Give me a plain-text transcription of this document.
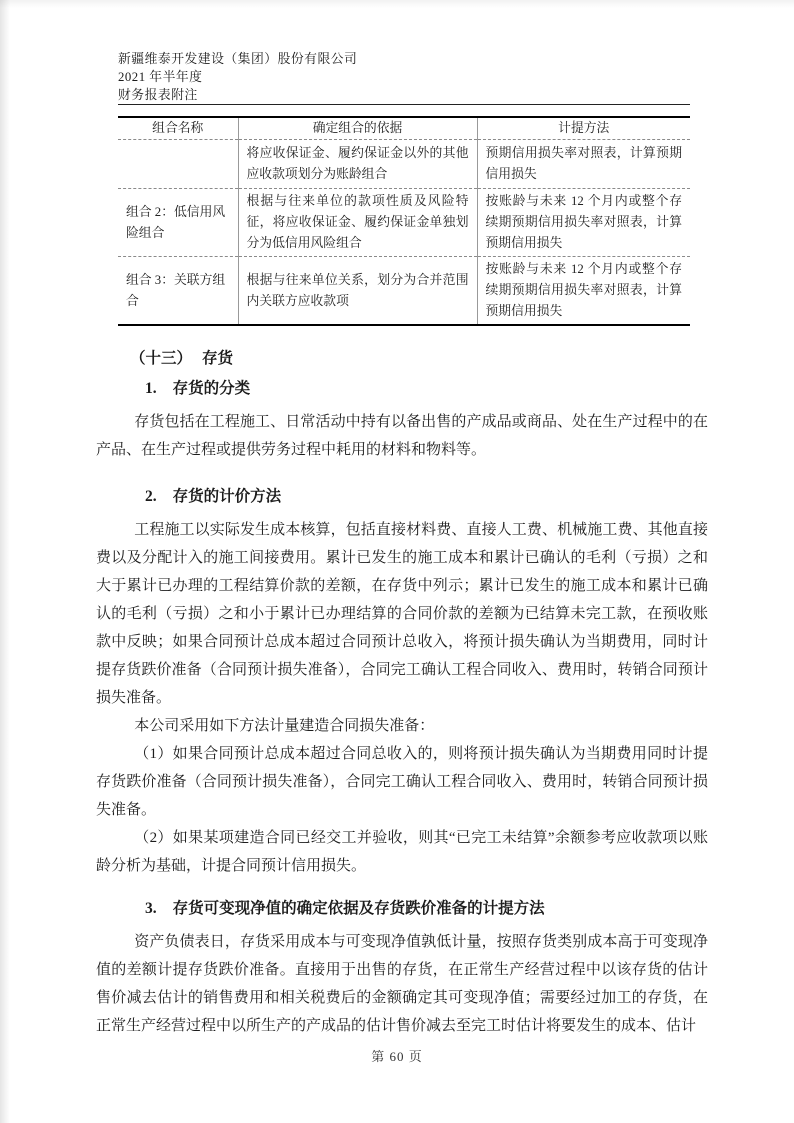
新疆维泰开发建设（集团）股份有限公司
2021 年半年度
财务报表附注
组合名称	确定组合的依据	计提方法
	将应收保证金、履约保证金以外的其他应收款项划分为账龄组合	预期信用损失率对照表，计算预期信用损失
组合 2：低信用风险组合	根据与往来单位的款项性质及风险特征，将应收保证金、履约保证金单独划分为低信用风险组合	按账龄与未来 12 个月内或整个存续期预期信用损失率对照表，计算预期信用损失
组合 3：关联方组合	根据与往来单位关系，划分为合并范围内关联方应收款项	按账龄与未来 12 个月内或整个存续期预期信用损失率对照表，计算预期信用损失
（十三） 存货
1. 存货的分类

存货包括在工程施工、日常活动中持有以备出售的产成品或商品、处在生产过程中的在产品、在生产过程或提供劳务过程中耗用的材料和物料等。

2. 存货的计价方法

工程施工以实际发生成本核算，包括直接材料费、直接人工费、机械施工费、其他直接费以及分配计入的施工间接费用。累计已发生的施工成本和累计已确认的毛利（亏损）之和大于累计已办理的工程结算价款的差额，在存货中列示；累计已发生的施工成本和累计已确认的毛利（亏损）之和小于累计已办理结算的合同价款的差额为已结算未完工款，在预收账款中反映；如果合同预计总成本超过合同预计总收入，将预计损失确认为当期费用，同时计提存货跌价准备（合同预计损失准备），合同完工确认工程合同收入、费用时，转销合同预计损失准备。

本公司采用如下方法计量建造合同损失准备：

（1）如果合同预计总成本超过合同总收入的，则将预计损失确认为当期费用同时计提存货跌价准备（合同预计损失准备），合同完工确认工程合同收入、费用时，转销合同预计损失准备。

（2）如果某项建造合同已经交工并验收，则其“已完工未结算”余额参考应收款项以账龄分析为基础，计提合同预计信用损失。

3. 存货可变现净值的确定依据及存货跌价准备的计提方法

资产负债表日，存货采用成本与可变现净值孰低计量，按照存货类别成本高于可变现净值的差额计提存货跌价准备。直接用于出售的存货，在正常生产经营过程中以该存货的估计售价减去估计的销售费用和相关税费后的金额确定其可变现净值；需要经过加工的存货，在正常生产经营过程中以所生产的产成品的估计售价减去至完工时估计将要发生的成本、估计

第 60 页
